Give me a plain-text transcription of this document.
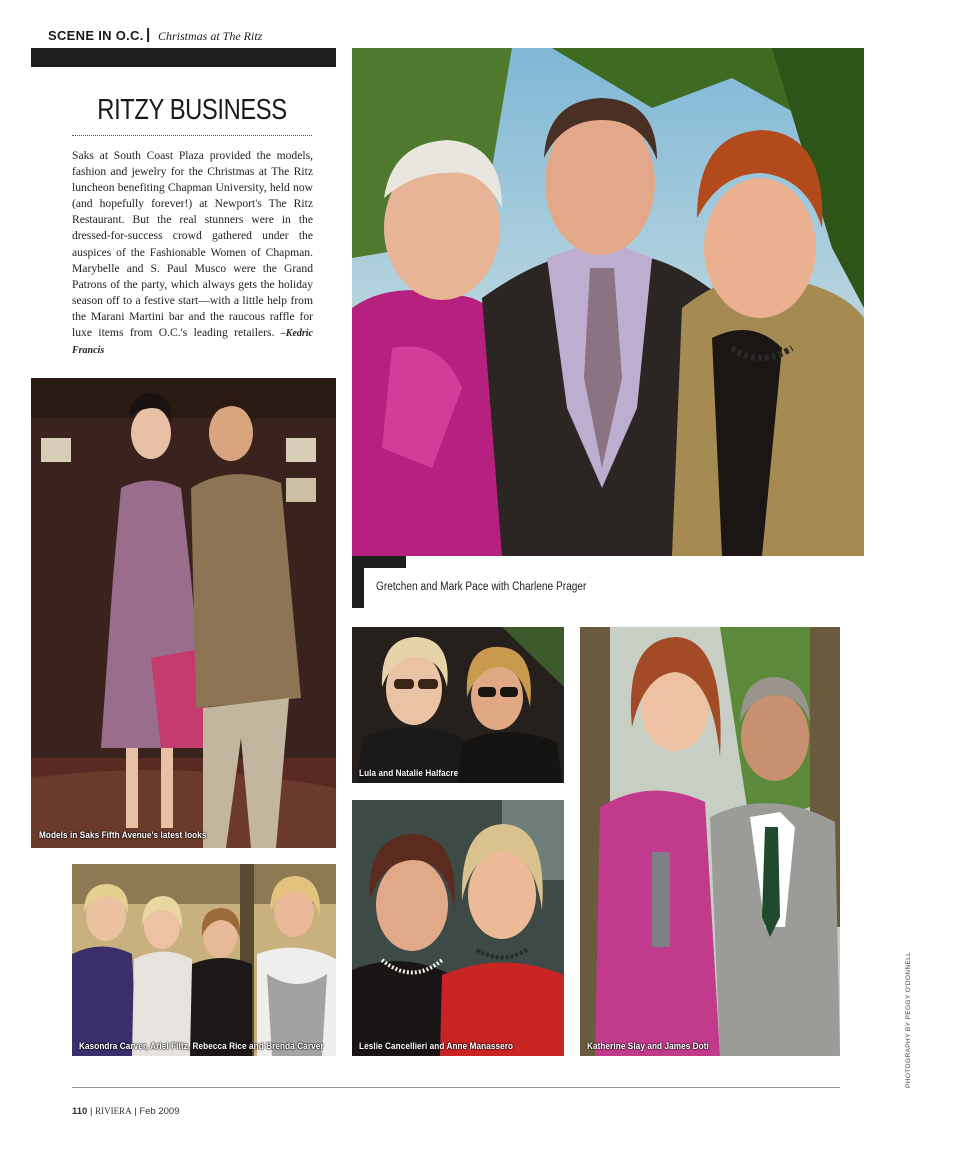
SCENE IN O.C. | Christmas at The Ritz
RITZY BUSINESS
Saks at South Coast Plaza provided the models, fashion and jewelry for the Christmas at The Ritz luncheon benefiting Chapman University, held now (and hopefully forever!) at Newport's The Ritz Restaurant. But the real stunners were in the dressed-for-success crowd gathered under the auspices of the Fashionable Women of Chapman. Marybelle and S. Paul Musco were the Grand Patrons of the party, which always gets the holiday season off to a festive start—with a little help from the Marani Martini bar and the raucous raffle for luxe items from O.C.'s leading retailers. –Kedric Francis
Gretchen and Mark Pace with Charlene Prager
Models in Saks Fifth Avenue's latest looks
Lula and Natalie Halfacre
Leslie Cancellieri and Anne Manassero	Katherine Slay and James Doti
Kasondra Carver, Ariel Filtz, Rebecca Rice and Brenda Carver	PHOTOGRAPHY BY PEGGY O'DONNELL
110 | RIVIERA | Feb 2009
